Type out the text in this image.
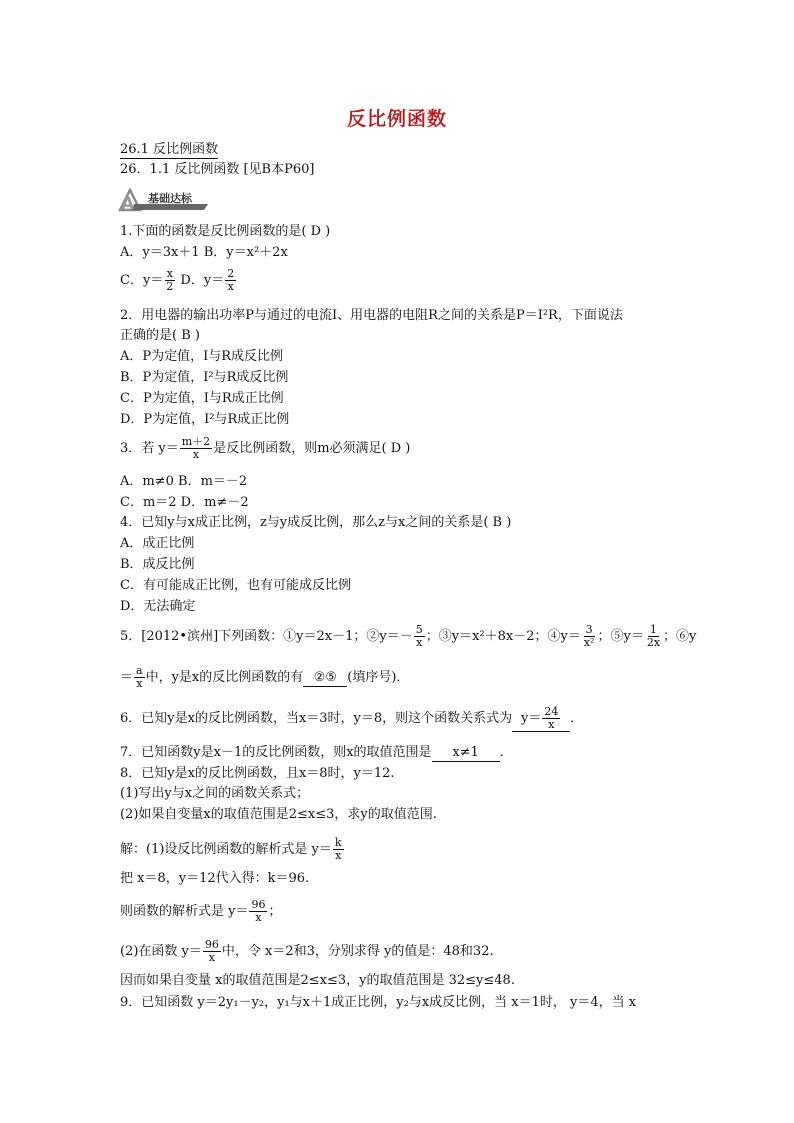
反比例函数
26.1 反比例函数
26．1.1 反比例函数 [见B本P60]
A 基础达标
1.下面的函数是反比例函数的是( D )
A．y＝3x＋1 B．y＝x²＋2x
C．$y= \frac{x}{2}$ D．$y= \frac{2}{x}$
2．用电器的输出功率P与通过的电流I、用电器的电阻R之间的关系是P＝I²R，下面说法
正确的是( B )
A．P为定值，I与R成反比例
B．P为定值，I²与R成反比例
C．P为定值，I与R成正比例
D．P为定值，I²与R成正比例
3．若 $y= \frac{m+2}{x}$ 是反比例函数，则m必须满足( D )
A．m≠0 B．m＝－2
C．m＝2 D．m≠－2
4．已知y与x成正比例，z与y成反比例，那么z与x之间的关系是( B )
A．成正比例
B．成反比例
C．有可能成正比例，也有可能成反比例
D．无法确定
5．[2012•滨州]下列函数：①y＝2x－1；②y＝－ $\frac{5}{x}$ ；③y＝x²＋8x－2；④y＝ $\frac{3}{\text{x²}}$ ；⑤y＝ $\frac{1}{2x}$ ；⑥y
＝ $\frac{a}{x}$ 中，y是x的反比例函数的有 ②⑤ (填序号)．
6．已知y是x的反比例函数，当x＝3时，y＝8，则这个函数关系式为 $y= \frac{24}{x}$ ．
7．已知函数y是x－1的反比例函数，则x的取值范围是 x≠1 ．
8．已知y是x的反比例函数，且x＝8时，y＝12.
(1)写出y与x之间的函数关系式；
(2)如果自变量x的取值范围是2≤x≤3，求y的取值范围.
解：(1)设反比例函数的解析式是 $y= \frac{k}{x}$
把 x＝8，y＝12代入得：k＝96.
则函数的解析式是 $y= \frac{96}{x}$ ；
(2)在函数 $y= \frac{96}{x}$ 中，令 x＝2和3，分别求得 y的值是：48和32.
因而如果自变量 x的取值范围是2≤x≤3，y的取值范围是 32≤y≤48.
9．已知函数 y＝2y₁－y₂，y₁与x＋1成正比例，y₂与x成反比例，当 x＝1时， y＝4，当 x
